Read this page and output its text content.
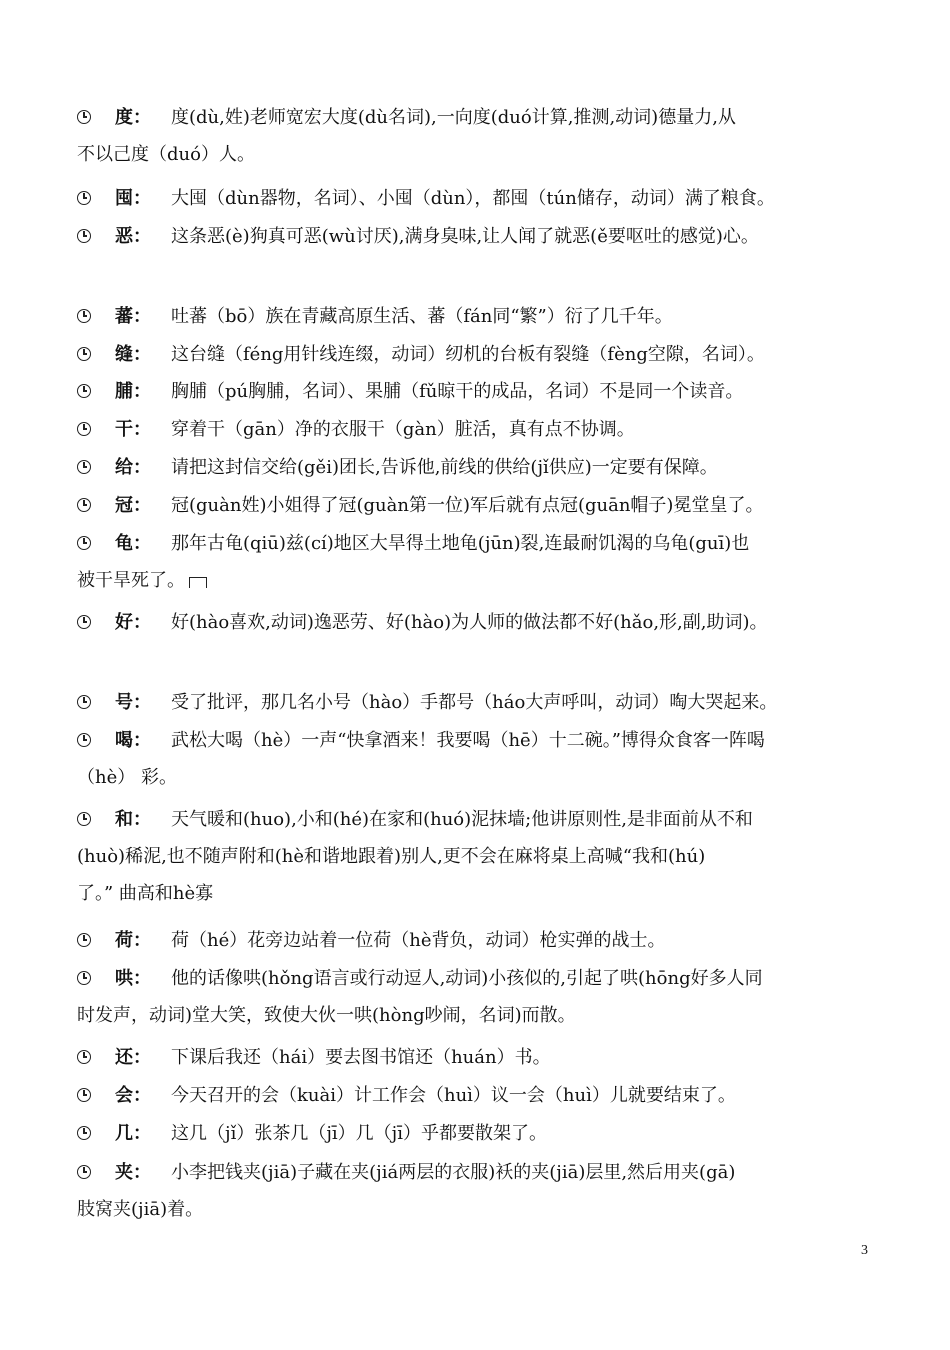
度： 度(dù,姓)老师宽宏大度(dù名词),一向度(duó计算,推测,动词)德量力,从
不以己度（duó）人。
囤： 大囤（dùn器物，名词）、小囤（dùn），都囤（tún储存，动词）满了粮食。
恶： 这条恶(è)狗真可恶(wù讨厌),满身臭味,让人闻了就恶(ě要呕吐的感觉)心。
蕃： 吐蕃（bō）族在青藏高原生活、蕃（fán同“繁”）衍了几千年。
缝： 这台缝（féng用针线连缀，动词）纫机的台板有裂缝（fèng空隙，名词）。
脯： 胸脯（pú胸脯，名词）、果脯（fǔ晾干的成品，名词）不是同一个读音。
干： 穿着干（gān）净的衣服干（gàn）脏活，真有点不协调。
给： 请把这封信交给(gěi)团长,告诉他,前线的供给(jǐ供应)一定要有保障。
冠： 冠(guàn姓)小姐得了冠(guàn第一位)军后就有点冠(guān帽子)冕堂皇了。
龟： 那年古龟(qiū)兹(cí)地区大旱得土地龟(jūn)裂,连最耐饥渴的乌龟(guī)也
被干旱死了。
好： 好(hào喜欢,动词)逸恶劳、好(hào)为人师的做法都不好(hǎo,形,副,助词)。
号： 受了批评，那几名小号（hào）手都号（háo大声呼叫，动词）啕大哭起来。
喝： 武松大喝（hè）一声“快拿酒来！我要喝（hē）十二碗。”博得众食客一阵喝
（hè） 彩。
和： 天气暖和(huo),小和(hé)在家和(huó)泥抹墙;他讲原则性,是非面前从不和
(huò)稀泥,也不随声附和(hè和谐地跟着)别人,更不会在麻将桌上高喊“我和(hú)
了。” 曲高和hè寡
荷： 荷（hé）花旁边站着一位荷（hè背负，动词）枪实弹的战士。
哄： 他的话像哄(hǒng语言或行动逗人,动词)小孩似的,引起了哄(hōng好多人同
时发声，动词)堂大笑，致使大伙一哄(hòng吵闹，名词)而散。
还： 下课后我还（hái）要去图书馆还（huán）书。
会： 今天召开的会（kuài）计工作会（huì）议一会（huì）儿就要结束了。
几： 这几（jǐ）张茶几（jī）几（jī）乎都要散架了。
夹： 小李把钱夹(jiā)子藏在夹(jiá两层的衣服)袄的夹(jiā)层里,然后用夹(gā)
肢窝夹(jiā)着。
3
